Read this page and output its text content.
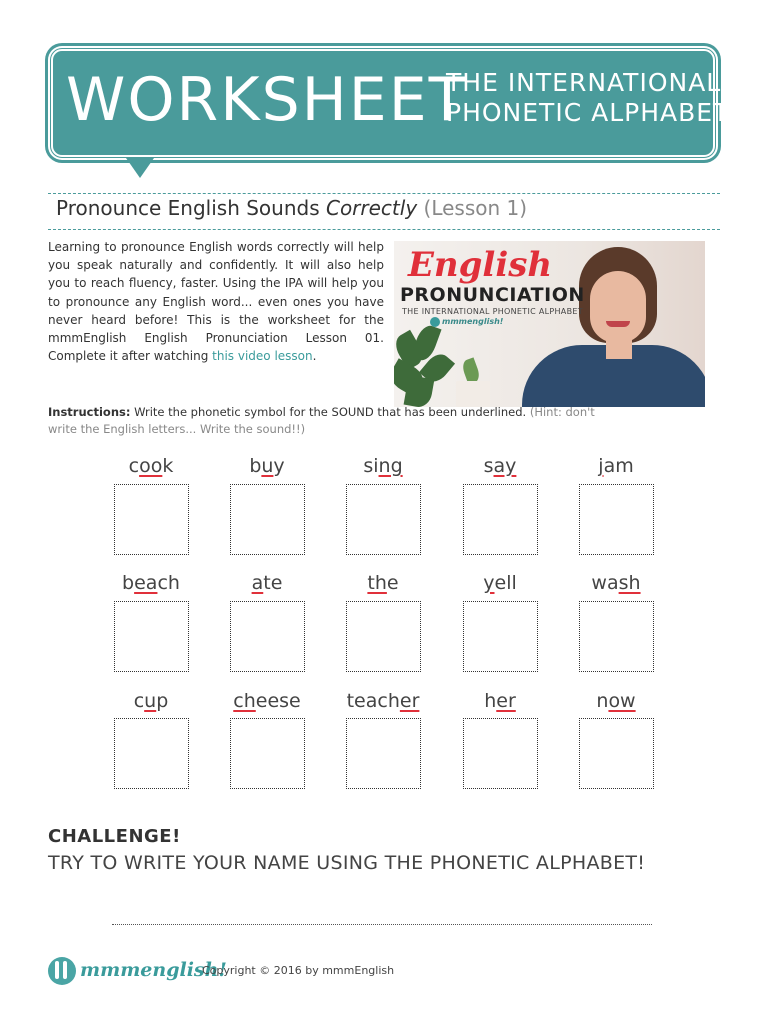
WORKSHEET
THE INTERNATIONAL
PHONETIC ALPHABET
Pronounce English Sounds Correctly (Lesson 1)
Learning to pronounce English words correctly will help you speak naturally and confidently. It will also help you to reach fluency, faster. Using the IPA will help you to pronounce any English word... even ones you have never heard before! This is the worksheet for the mmmEnglish English Pronunciation Lesson 01. Complete it after watching this video lesson.
English
PRONUNCIATION
THE INTERNATIONAL PHONETIC ALPHABET
mmmenglish!
Instructions: Write the phonetic symbol for the SOUND that has been underlined. (Hint: don't write the English letters... Write the sound!!)
cook	buy	sing	say	jam
beach	ate	the	yell	wash
cup	cheese	teacher	her	now
CHALLENGE!
TRY TO WRITE YOUR NAME USING THE PHONETIC ALPHABET!
mmmenglish!
Copyright © 2016 by mmmEnglish
